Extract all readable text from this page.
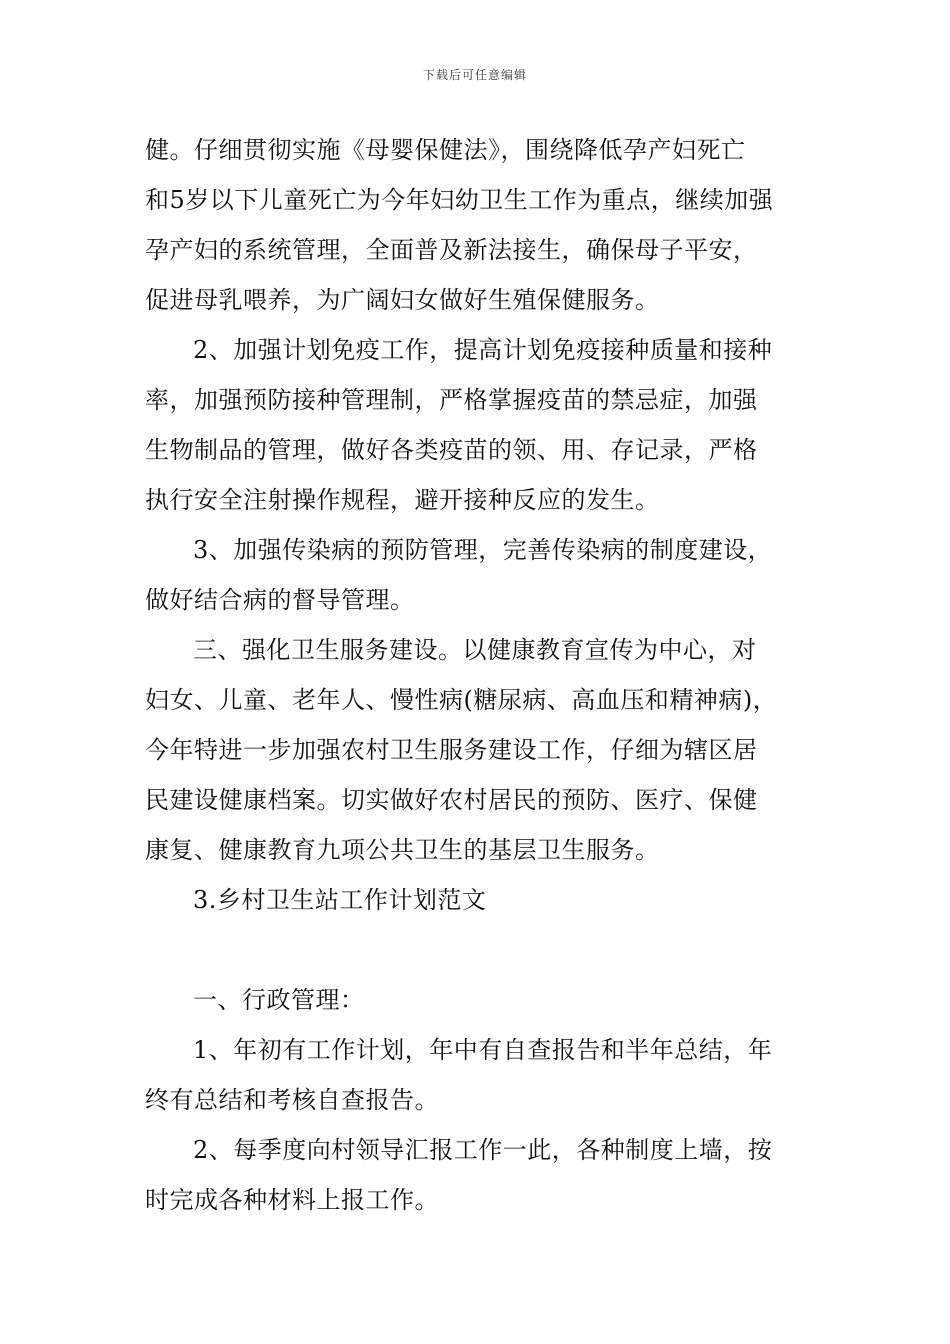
下载后可任意编辑
健。仔细贯彻实施《母婴保健法》，围绕降低孕产妇死亡
和5岁以下儿童死亡为今年妇幼卫生工作为重点，继续加强
孕产妇的系统管理，全面普及新法接生，确保母子平安，
促进母乳喂养，为广阔妇女做好生殖保健服务。
2、加强计划免疫工作，提高计划免疫接种质量和接种
率，加强预防接种管理制，严格掌握疫苗的禁忌症，加强
生物制品的管理，做好各类疫苗的领、用、存记录，严格
执行安全注射操作规程，避开接种反应的发生。
3、加强传染病的预防管理，完善传染病的制度建设，
做好结合病的督导管理。
三、强化卫生服务建设。以健康教育宣传为中心，对
妇女、儿童、老年人、慢性病(糖尿病、高血压和精神病)，
今年特进一步加强农村卫生服务建设工作，仔细为辖区居
民建设健康档案。切实做好农村居民的预防、医疗、保健
康复、健康教育九项公共卫生的基层卫生服务。
3.乡村卫生站工作计划范文
一、行政管理：
1、年初有工作计划，年中有自查报告和半年总结，年
终有总结和考核自查报告。
2、每季度向村领导汇报工作一此，各种制度上墙，按
时完成各种材料上报工作。
